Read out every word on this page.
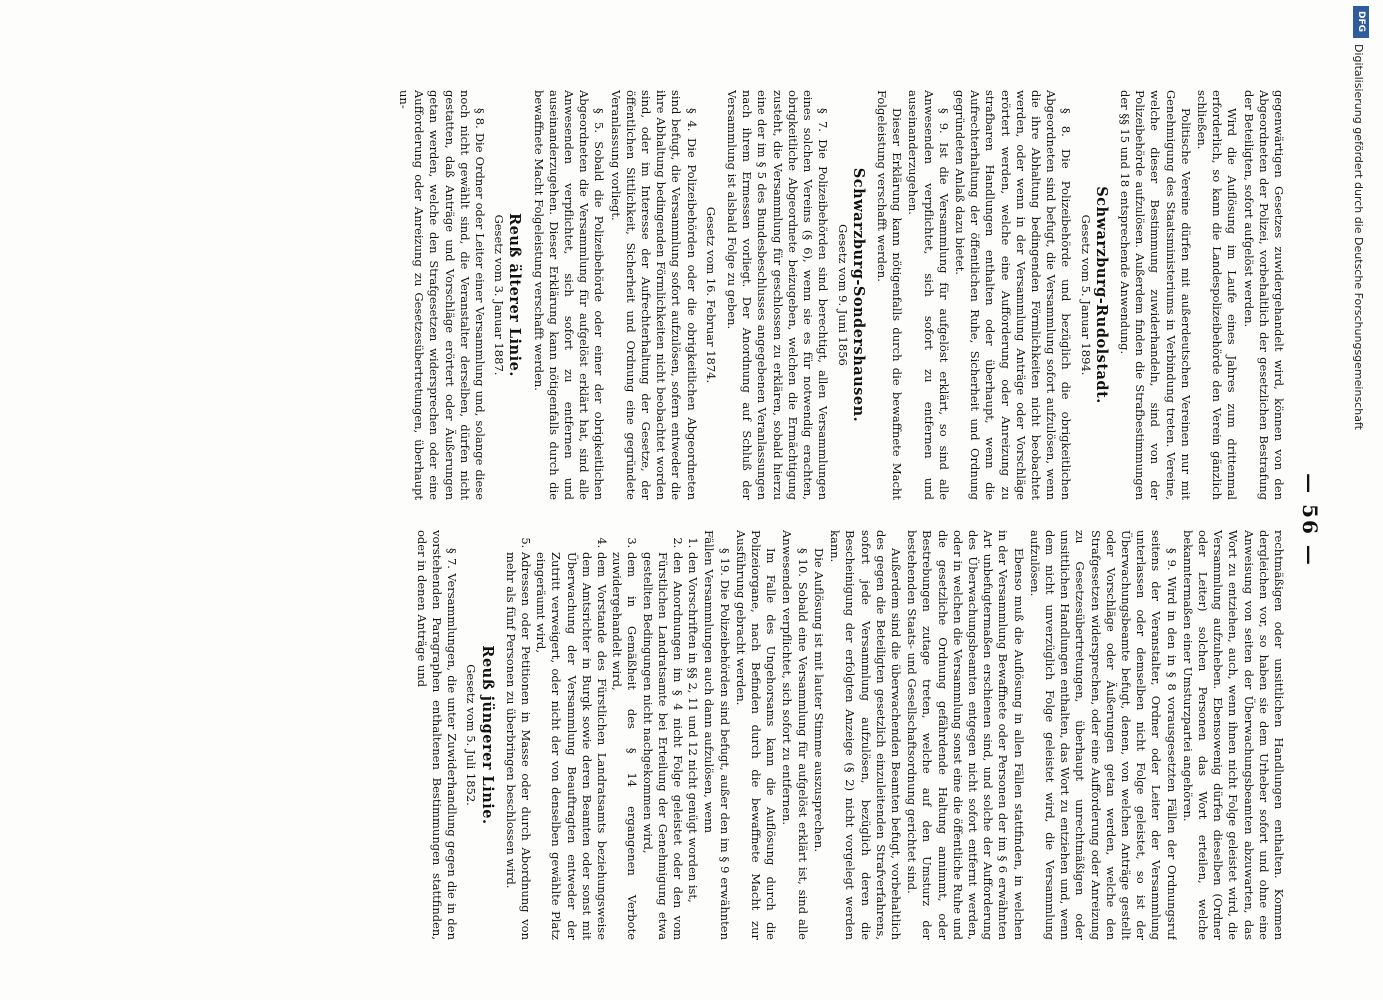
DFG
Digitalisierung gefördert durch die Deutsche Forschungsgemeinschaft
— 56 —

gegenwärtigen Gesetzes zuwidergehandelt wird, können von den Abgeordneten der Polizei, vorbehaltlich der gesetzlichen Bestrafung der Beteiligten, sofort aufgelöst werden.

Wird die Auflösung im Laufe eines Jahres zum drittenmal erforderlich, so kann die Landespolizeibehörde den Verein gänzlich schließen.

Politische Vereine dürfen mit außerdeutschen Vereinen nur mit Genehmigung des Staatsministeriums in Verbindung treten. Vereine, welche dieser Bestimmung zuwiderhandeln, sind von der Polizeibehörde aufzulösen. Außerdem finden die Strafbestimmungen der §§ 15 und 18 entsprechende Anwendung.

Schwarzburg-Rudolstadt.
Gesetz vom 5. Januar 1894.

§ 8. Die Polizeibehörde und bezüglich die obrigkeitlichen Abgeordneten sind befugt, die Versammlung sofort aufzulösen, wenn die ihre Abhaltung bedingenden Förmlichkeiten nicht beobachtet werden, oder wenn in der Versammlung Anträge oder Vorschläge erörtert werden, welche eine Aufforderung oder Anreizung zu strafbaren Handlungen enthalten oder überhaupt, wenn die Aufrechterhaltung der öffentlichen Ruhe, Sicherheit und Ordnung gegründeten Anlaß dazu bietet.

§ 9. Ist die Versammlung für aufgelöst erklärt, so sind alle Anwesenden verpflichtet, sich sofort zu entfernen und auseinanderzugehen.

Dieser Erklärung kann nötigenfalls durch die bewaffnete Macht Folgeleistung verschafft werden.

Schwarzburg-Sondershausen.
Gesetz vom 9. Juni 1856

§ 7. Die Polizeibehörden sind berechtigt, allen Versammlungen eines solchen Vereins (§ 6), wenn sie es für notwendig erachten, obrigkeitliche Abgeordnete beizugeben, welchen die Ermächtigung zusteht, die Versammlung für geschlossen zu erklären, sobald hierzu eine der im § 5 des Bundesbeschlusses angegebenen Veranlassungen nach ihrem Ermessen vorliegt. Der Anordnung auf Schluß der Versammlung ist alsbald Folge zu geben.

Gesetz vom 16. Februar 1874.

§ 4. Die Polizeibehörden oder die obrigkeitlichen Abgeordneten sind befugt, die Versammlung sofort aufzulösen, sofern entweder die ihre Abhaltung bedingenden Förmlichkeiten nicht beobachtet worden sind, oder im Interesse der Aufrechterhaltung der Gesetze, der öffentlichen Sittlichkeit, Sicherheit und Ordnung eine gegründete Veranlassung vorliegt.

§ 5. Sobald die Polizeibehörde oder einer der obrigkeitlichen Abgeordneten die Versammlung für aufgelöst erklärt hat, sind alle Anwesenden verpflichtet, sich sofort zu entfernen und auseinanderzugehen. Dieser Erklärung kann nötigenfalls durch die bewaffnete Macht Folgeleistung verschafft werden.

Reuß älterer Linie.
Gesetz vom 3. Januar 1887.

§ 8. Die Ordner oder Leiter einer Versammlung und, solange diese noch nicht gewählt sind, die Veranstalter derselben, dürfen nicht gestatten, daß Anträge und Vorschläge erörtert oder Äußerungen getan werden, welche den Strafgesetzen widersprechen oder eine Aufforderung oder Anreizung zu Gesetzesübertretungen, überhaupt un-

rechtmäßigen oder unsittlichen Handlungen enthalten. Kommen dergleichen vor, so haben sie dem Urheber sofort und ohne eine Anweisung von seiten der Überwachungsbeamten abzuwarten, das Wort zu entziehen, auch, wenn ihnen nicht Folge geleistet wird, die Versammlung aufzuheben. Ebensowenig dürfen dieselben (Ordner oder Leiter) solchen Personen das Wort erteilen, welche bekanntermaßen einer Umsturzpartei angehören.

§ 9. Wird in den in § 8 vorausgesetzten Fällen der Ordnungsruf seitens der Veranstalter, Ordner oder Leiter der Versammlung unterlassen oder demselben nicht Folge geleistet, so ist der Überwachungsbeamte befugt, denen, von welchen Anträge gestellt oder Vorschläge oder Äußerungen getan werden, welche den Strafgesetzen widersprechen, oder eine Aufforderung oder Anreizung zu Gesetzesübertretungen, überhaupt unrechtmäßigen oder unsittlichen Handlungen enthalten, das Wort zu entziehen und, wenn dem nicht unverzüglich Folge geleistet wird, die Versammlung aufzulösen.

Ebenso muß die Auflösung in allen Fällen stattfinden, in welchen in der Versammlung Bewaffnete oder Personen der im § 6 erwähnten Art unbefugtermaßen erschienen sind, und solche der Aufforderung des Überwachungsbeamten entgegen nicht sofort entfernt werden, oder in welchen die Versammlung sonst eine die öffentliche Ruhe und die gesetzliche Ordnung gefährdende Haltung annimmt, oder Bestrebungen zutage treten, welche auf den Umsturz der bestehenden Staats- und Gesellschaftsordnung gerichtet sind.

Außerdem sind die überwachenden Beamten befugt, vorbehaltlich des gegen die Beteiligten gesetzlich einzuleitenden Strafverfahrens, sofort jede Versammlung aufzulösen, bezüglich deren die Bescheinigung der erfolgten Anzeige (§ 2) nicht vorgelegt werden kann.

Die Auflösung ist mit lauter Stimme auszusprechen.

§ 10. Sobald eine Versammlung für aufgelöst erklärt ist, sind alle Anwesenden verpflichtet, sich sofort zu entfernen.

Im Falle des Ungehorsams kann die Auflösung durch die Polizeiorgane, nach Befinden durch die bewaffnete Macht zur Ausführung gebracht werden.

§ 19. Die Polizeibehörden sind befugt, außer den im § 9 erwähnten Fällen Versammlungen auch dann aufzulösen, wenn

1. den Vorschriften in §§ 2, 11 und 12 nicht genügt worden ist,
2. den Anordnungen im § 4 nicht Folge geleistet oder den vom Fürstlichen Landratsamte bei Erteilung der Genehmigung etwa gestellten Bedingungen nicht nachgekommen wird,
3. dem in Gemäßheit des § 14 ergangenen Verbote zuwidergehandelt wird,
4. dem Vorstande des Fürstlichen Landratsamts beziehungsweise dem Amtsrichter in Burgk sowie deren Beamten oder sonst mit Überwachung der Versammlung Beauftragten entweder der Zutritt verweigert, oder nicht der von denselben gewählte Platz eingeräumt wird,
5. Adressen oder Petitionen in Masse oder durch Abordnung von mehr als fünf Personen zu überbringen beschlossen wird.
Reuß jüngerer Linie.
Gesetz vom 5. Juli 1852.

§ 7. Versammlungen, die unter Zuwiderhandlung gegen die in den vorstehenden Paragraphen enthaltenen Bestimmungen stattfinden, oder in denen Anträge und
